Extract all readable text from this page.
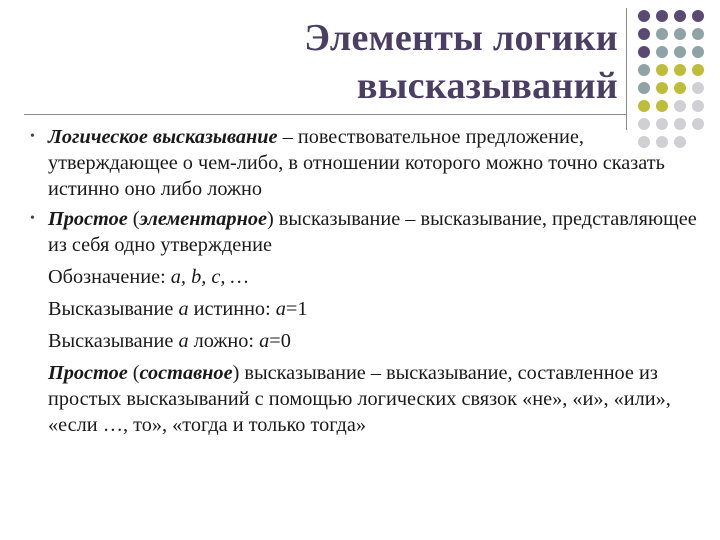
Элементы логики
высказываний

• Логическое высказывание – повествовательное предложение, утверждающее о чем-либо, в отношении которого можно точно сказать истинно оно либо ложно

• Простое (элементарное) высказывание – высказывание, представляющее из себя одно утверждение

Обозначение: a, b, c, …

Высказывание a истинно: a=1

Высказывание a ложно: a=0

Простое (составное) высказывание – высказывание, составленное из простых высказываний с помощью логических связок «не», «и», «или», «если …, то», «тогда и только тогда»
